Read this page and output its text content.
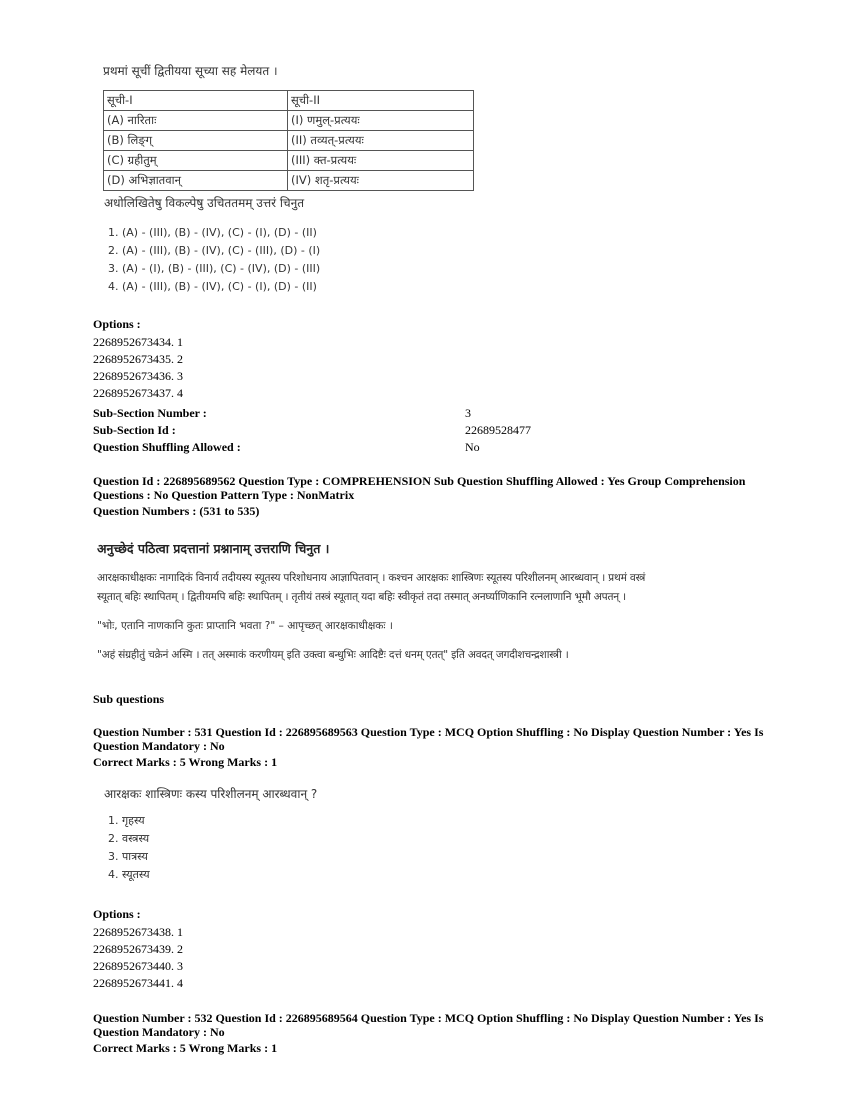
प्रथमां सूचीं द्वितीयया सूच्या सह मेलयत ।
सूची-I	सूची-II
(A) नारिताः	(I) णमुल्-प्रत्ययः
(B) लिङ्ग्	(II) तव्यत्-प्रत्ययः
(C) ग्रहीतुम्	(III) क्त-प्रत्ययः
(D) अभिज्ञातवान्	(IV) शतृ-प्रत्ययः
अधोलिखितेषु विकल्पेषु उचिततमम् उत्तरं चिनुत
1. (A) - (III), (B) - (IV), (C) - (I), (D) - (II)
2. (A) - (III), (B) - (IV), (C) - (III), (D) - (I)
3. (A) - (I), (B) - (III), (C) - (IV), (D) - (III)
4. (A) - (III), (B) - (IV), (C) - (I), (D) - (II)
Options :
2268952673434. 1
2268952673435. 2
2268952673436. 3
2268952673437. 4
Sub-Section Number :	3
Sub-Section Id :	22689528477
Question Shuffling Allowed :	No
Question Id : 226895689562 Question Type : COMPREHENSION Sub Question Shuffling Allowed : Yes Group Comprehension
Questions : No Question Pattern Type : NonMatrix
Question Numbers : (531 to 535)
अनुच्छेदं पठित्वा प्रदत्तानां प्रश्नानाम् उत्तराणि चिनुत ।
आरक्षकाधीक्षकः नागादिकं विनार्य तदीयस्य स्यूतस्य परिशोधनाय आज्ञापितवान् । कश्चन आरक्षकः शास्त्रिणः स्यूतस्य परिशीलनम् आरब्धवान् । प्रथमं वस्त्रं
स्यूतात् बहिः स्थापितम् । द्वितीयमपि बहिः स्थापितम् । तृतीयं तस्त्रं स्यूतात् यदा बहिः स्वीकृतं तदा तस्मात् अनर्घ्याणिकानि रत्नलाणानि भूमौ अपतन् ।
"भोः, एतानि नाणकानि कुतः प्राप्तानि भवता ?" – आपृच्छत् आरक्षकाधीक्षकः ।
"अहं संग्रहीतुं चक्रेनं अस्मि । तत् अस्माकं करणीयम् इति उक्त्वा बन्धुभिः आदिष्टैः दत्तं धनम् एतत्" इति अवदत् जगदीशचन्द्रशास्त्री ।
Sub questions
Question Number : 531 Question Id : 226895689563 Question Type : MCQ Option Shuffling : No Display Question Number : Yes Is
Question Mandatory : No
Correct Marks : 5 Wrong Marks : 1
आरक्षकः शास्त्रिणः कस्य परिशीलनम् आरब्धवान् ?
1. गृहस्य
2. वस्त्रस्य
3. पात्रस्य
4. स्यूतस्य
Options :
2268952673438. 1
2268952673439. 2
2268952673440. 3
2268952673441. 4
Question Number : 532 Question Id : 226895689564 Question Type : MCQ Option Shuffling : No Display Question Number : Yes Is
Question Mandatory : No
Correct Marks : 5 Wrong Marks : 1
